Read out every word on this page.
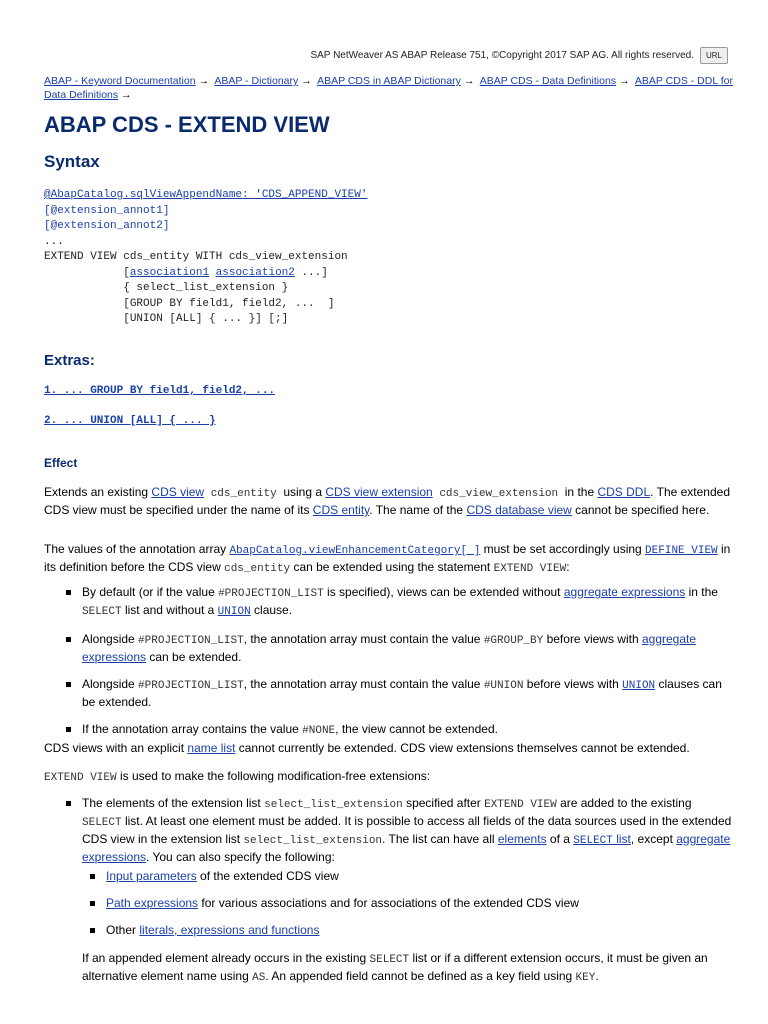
SAP NetWeaver AS ABAP Release 751, ©Copyright 2017 SAP AG. All rights reserved.	URL
ABAP - Keyword Documentation → ABAP - Dictionary → ABAP CDS in ABAP Dictionary → ABAP CDS - Data Definitions → ABAP CDS - DDL for Data Definitions →
ABAP CDS - EXTEND VIEW
Syntax
@AbapCatalog.sqlViewAppendName: 'CDS_APPEND_VIEW'
[@extension_annot1]
[@extension_annot2]
...
EXTEND VIEW cds_entity WITH cds_view_extension
[association1 association2 ...]
{ select_list_extension }
[GROUP BY field1, field2, ...  ]
[UNION [ALL] { ... }] [;]
Extras:
1. ... GROUP BY field1, field2, ...
2. ... UNION [ALL] { ... }
Effect

Extends an existing CDS view cds_entity using a CDS view extension cds_view_extension in the CDS DDL. The extended CDS view must be specified under the name of its CDS entity. The name of the CDS database view cannot be specified here.

The values of the annotation array AbapCatalog.viewEnhancementCategory[ ] must be set accordingly using DEFINE VIEW in its definition before the CDS view cds_entity can be extended using the statement EXTEND VIEW:

By default (or if the value #PROJECTION_LIST is specified), views can be extended without aggregate expressions in the SELECT list and without a UNION clause.
Alongside #PROJECTION_LIST, the annotation array must contain the value #GROUP_BY before views with aggregate expressions can be extended.
Alongside #PROJECTION_LIST, the annotation array must contain the value #UNION before views with UNION clauses can be extended.
If the annotation array contains the value #NONE, the view cannot be extended.

CDS views with an explicit name list cannot currently be extended. CDS view extensions themselves cannot be extended.

EXTEND VIEW is used to make the following modification-free extensions:

The elements of the extension list select_list_extension specified after EXTEND VIEW are added to the existing SELECT list. At least one element must be added. It is possible to access all fields of the data sources used in the extended CDS view in the extension list select_list_extension. The list can have all elements of a SELECT list, except aggregate expressions. You can also specify the following:
Input parameters of the extended CDS view
Path expressions for various associations and for associations of the extended CDS view
Other literals, expressions and functions

If an appended element already occurs in the existing SELECT list or if a different extension occurs, it must be given an alternative element name using AS. An appended field cannot be defined as a key field using KEY.
